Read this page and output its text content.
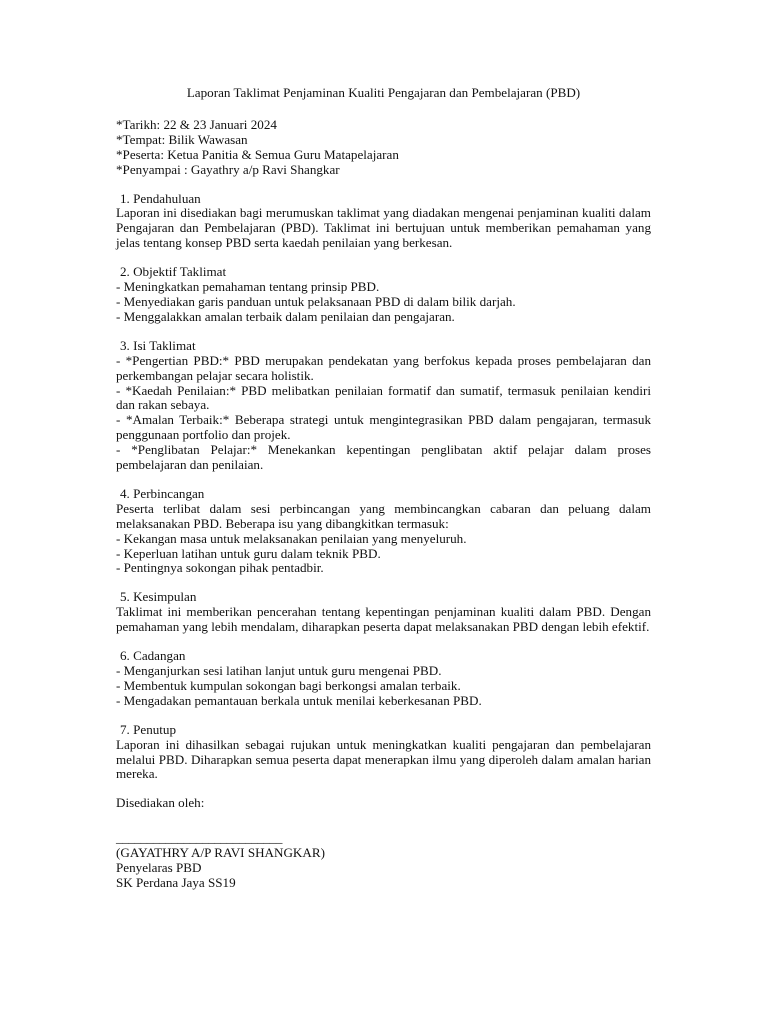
Laporan Taklimat Penjaminan Kualiti Pengajaran dan Pembelajaran (PBD)

*Tarikh: 22 & 23 Januari 2024

*Tempat: Bilik Wawasan

*Peserta: Ketua Panitia & Semua Guru Matapelajaran

*Penyampai : Gayathry a/p Ravi Shangkar

1. Pendahuluan

Laporan ini disediakan bagi merumuskan taklimat yang diadakan mengenai penjaminan kualiti dalam Pengajaran dan Pembelajaran (PBD). Taklimat ini bertujuan untuk memberikan pemahaman yang jelas tentang konsep PBD serta kaedah penilaian yang berkesan.

2. Objektif Taklimat

- Meningkatkan pemahaman tentang prinsip PBD.

- Menyediakan garis panduan untuk pelaksanaan PBD di dalam bilik darjah.

- Menggalakkan amalan terbaik dalam penilaian dan pengajaran.

3. Isi Taklimat

- *Pengertian PBD:* PBD merupakan pendekatan yang berfokus kepada proses pembelajaran dan perkembangan pelajar secara holistik.

- *Kaedah Penilaian:* PBD melibatkan penilaian formatif dan sumatif, termasuk penilaian kendiri dan rakan sebaya.

- *Amalan Terbaik:* Beberapa strategi untuk mengintegrasikan PBD dalam pengajaran, termasuk penggunaan portfolio dan projek.

- *Penglibatan Pelajar:* Menekankan kepentingan penglibatan aktif pelajar dalam proses pembelajaran dan penilaian.

4. Perbincangan

Peserta terlibat dalam sesi perbincangan yang membincangkan cabaran dan peluang dalam melaksanakan PBD. Beberapa isu yang dibangkitkan termasuk:

- Kekangan masa untuk melaksanakan penilaian yang menyeluruh.

- Keperluan latihan untuk guru dalam teknik PBD.

- Pentingnya sokongan pihak pentadbir.

5. Kesimpulan

Taklimat ini memberikan pencerahan tentang kepentingan penjaminan kualiti dalam PBD. Dengan pemahaman yang lebih mendalam, diharapkan peserta dapat melaksanakan PBD dengan lebih efektif.

6. Cadangan

- Menganjurkan sesi latihan lanjut untuk guru mengenai PBD.

- Membentuk kumpulan sokongan bagi berkongsi amalan terbaik.

- Mengadakan pemantauan berkala untuk menilai keberkesanan PBD.

7. Penutup

Laporan ini dihasilkan sebagai rujukan untuk meningkatkan kualiti pengajaran dan pembelajaran melalui PBD. Diharapkan semua peserta dapat menerapkan ilmu yang diperoleh dalam amalan harian mereka.

Disediakan oleh:

___________________________

(GAYATHRY A/P RAVI SHANGKAR)

Penyelaras PBD

SK Perdana Jaya SS19
